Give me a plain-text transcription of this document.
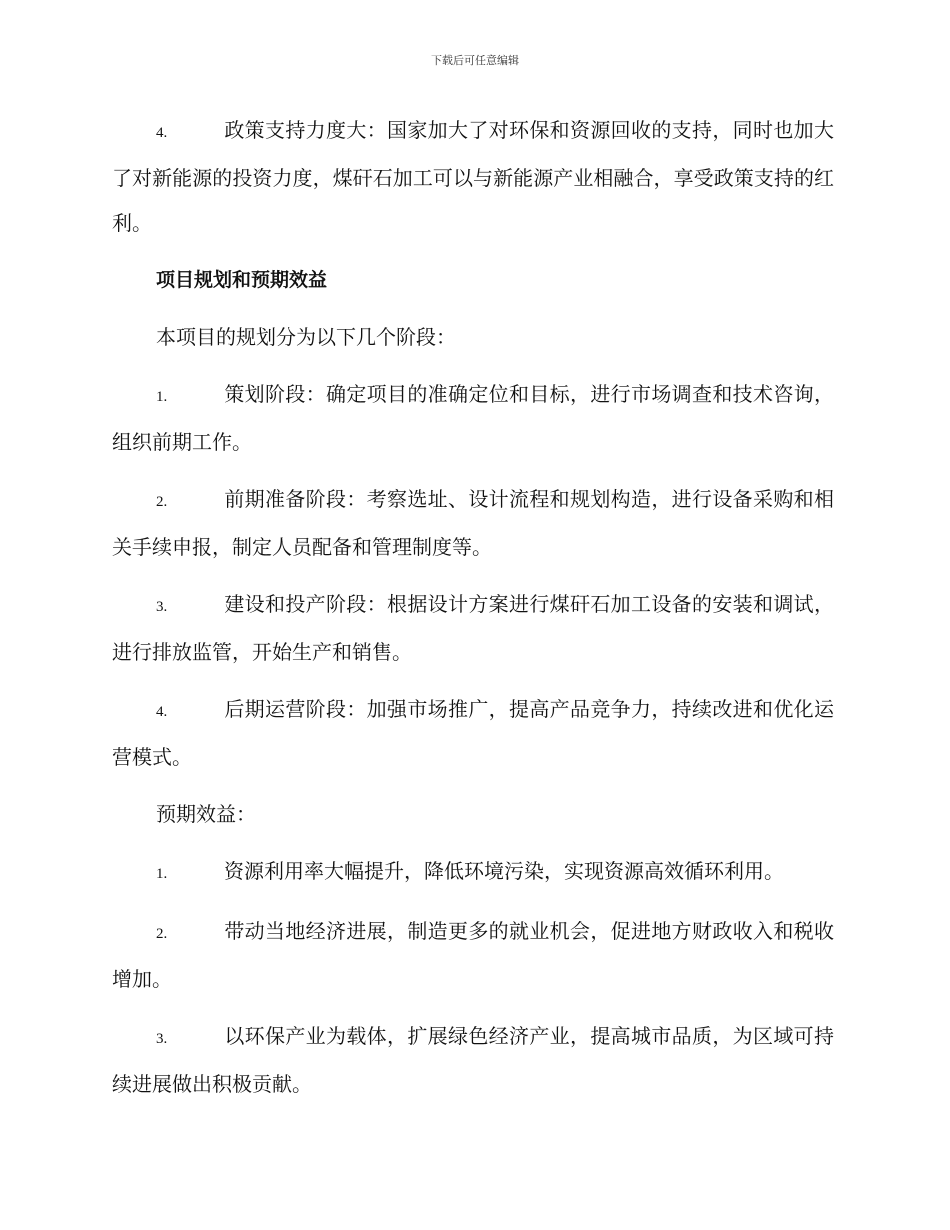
下载后可任意编辑

4.	政策支持力度大：国家加大了对环保和资源回收的支持，同时也加大了对新能源的投资力度，煤矸石加工可以与新能源产业相融合，享受政策支持的红利。

项目规划和预期效益

本项目的规划分为以下几个阶段：

1.	策划阶段：确定项目的准确定位和目标，进行市场调查和技术咨询，组织前期工作。

2.	前期准备阶段：考察选址、设计流程和规划构造，进行设备采购和相关手续申报，制定人员配备和管理制度等。

3.	建设和投产阶段：根据设计方案进行煤矸石加工设备的安装和调试，进行排放监管，开始生产和销售。

4.	后期运营阶段：加强市场推广，提高产品竞争力，持续改进和优化运营模式。

预期效益：

1.	资源利用率大幅提升，降低环境污染，实现资源高效循环利用。

2.	带动当地经济进展，制造更多的就业机会，促进地方财政收入和税收增加。

3.	以环保产业为载体，扩展绿色经济产业，提高城市品质，为区域可持续进展做出积极贡献。
